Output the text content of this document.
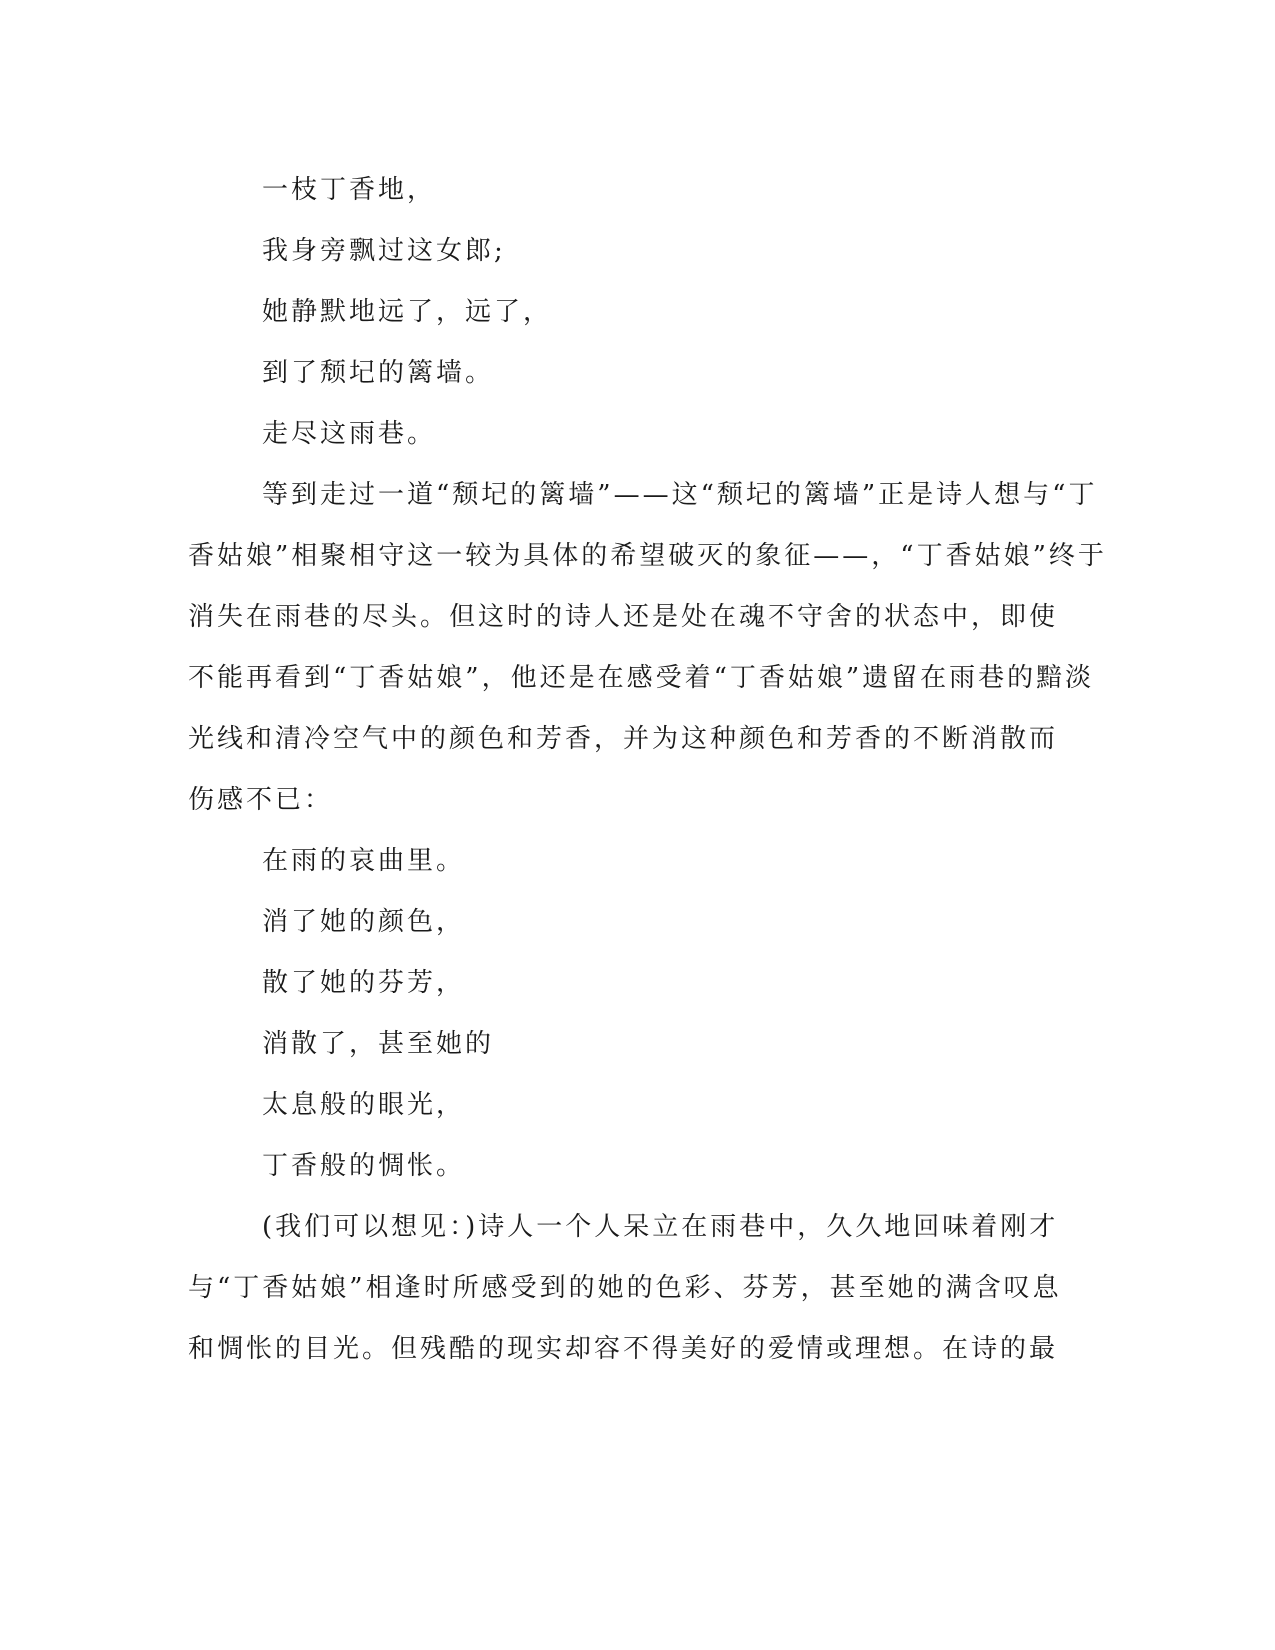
一枝丁香地，

我身旁飘过这女郎;

她静默地远了，远了，

到了颓圮的篱墙。

走尽这雨巷。

等到走过一道“颓圮的篱墙”——这“颓圮的篱墙”正是诗人想与“丁

香姑娘”相聚相守这一较为具体的希望破灭的象征——，“丁香姑娘”终于

消失在雨巷的尽头。但这时的诗人还是处在魂不守舍的状态中，即使

不能再看到“丁香姑娘”，他还是在感受着“丁香姑娘”遗留在雨巷的黯淡

光线和清冷空气中的颜色和芳香，并为这种颜色和芳香的不断消散而

伤感不已：

在雨的哀曲里。

消了她的颜色，

散了她的芬芳，

消散了，甚至她的

太息般的眼光，

丁香般的惆怅。

(我们可以想见：)诗人一个人呆立在雨巷中，久久地回味着刚才

与“丁香姑娘”相逢时所感受到的她的色彩、芬芳，甚至她的满含叹息

和惆怅的目光。但残酷的现实却容不得美好的爱情或理想。在诗的最
